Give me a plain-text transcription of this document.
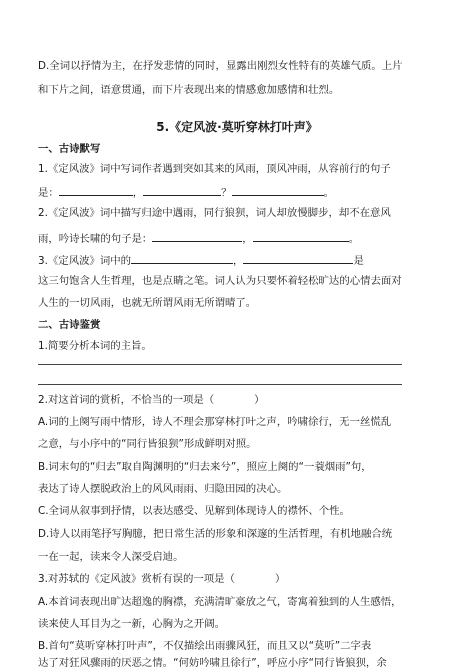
D.全词以抒情为主，在抒发悲情的同时，显露出刚烈女性特有的英雄气质。上片
和下片之间，语意贯通，而下片表现出来的情感愈加感情和壮烈。
5.《定风波·莫听穿林打叶声》
一、古诗默写
1.《定风波》词中写词作者遇到突如其来的风雨，顶风冲雨，从容前行的句子
是：	，	？	。
2.《定风波》词中描写归途中遇雨，同行狼狈，词人却放慢脚步，却不在意风
雨，吟诗长啸的句子是：	，	。
3.《定风波》词中的	，	是
这三句饱含人生哲理，也是点睛之笔。词人认为只要怀着轻松旷达的心情去面对
人生的一切风雨，也就无所谓风雨无所谓晴了。
二、古诗鉴赏
1.简要分析本词的主旨。
2.对这首词的赏析，不恰当的一项是（	）
A.词的上阕写雨中情形，诗人不理会那穿林打叶之声，吟啸徐行，无一丝慌乱
之意，与小序中的“同行皆狼狈”形成鲜明对照。
B.词末句的“归去”取自陶渊明的“归去来兮”，照应上阕的“一蓑烟雨”句，
表达了诗人摆脱政治上的风风雨雨、归隐田园的决心。
C.全词从叙事到抒情，以表达感受、见解到体现诗人的襟怀、个性。
D.诗人以雨笔抒写胸臆，把日常生活的形象和深邃的生活哲理，有机地融合统
一在一起，读来令人深受启迪。
3.对苏轼的《定风波》赏析有误的一项是（	）
A.本首词表现出旷达超逸的胸襟，充满清旷豪放之气，寄寓着独到的人生感悟，
读来使人耳目为之一新，心胸为之开阔。
B.首句“莫听穿林打叶声”，不仅描绘出雨骤风狂，而且又以“莫听”二字表
达了对狂风骤雨的厌恶之情。“何妨吟啸且徐行”，呼应小序“同行皆狼狈，余
